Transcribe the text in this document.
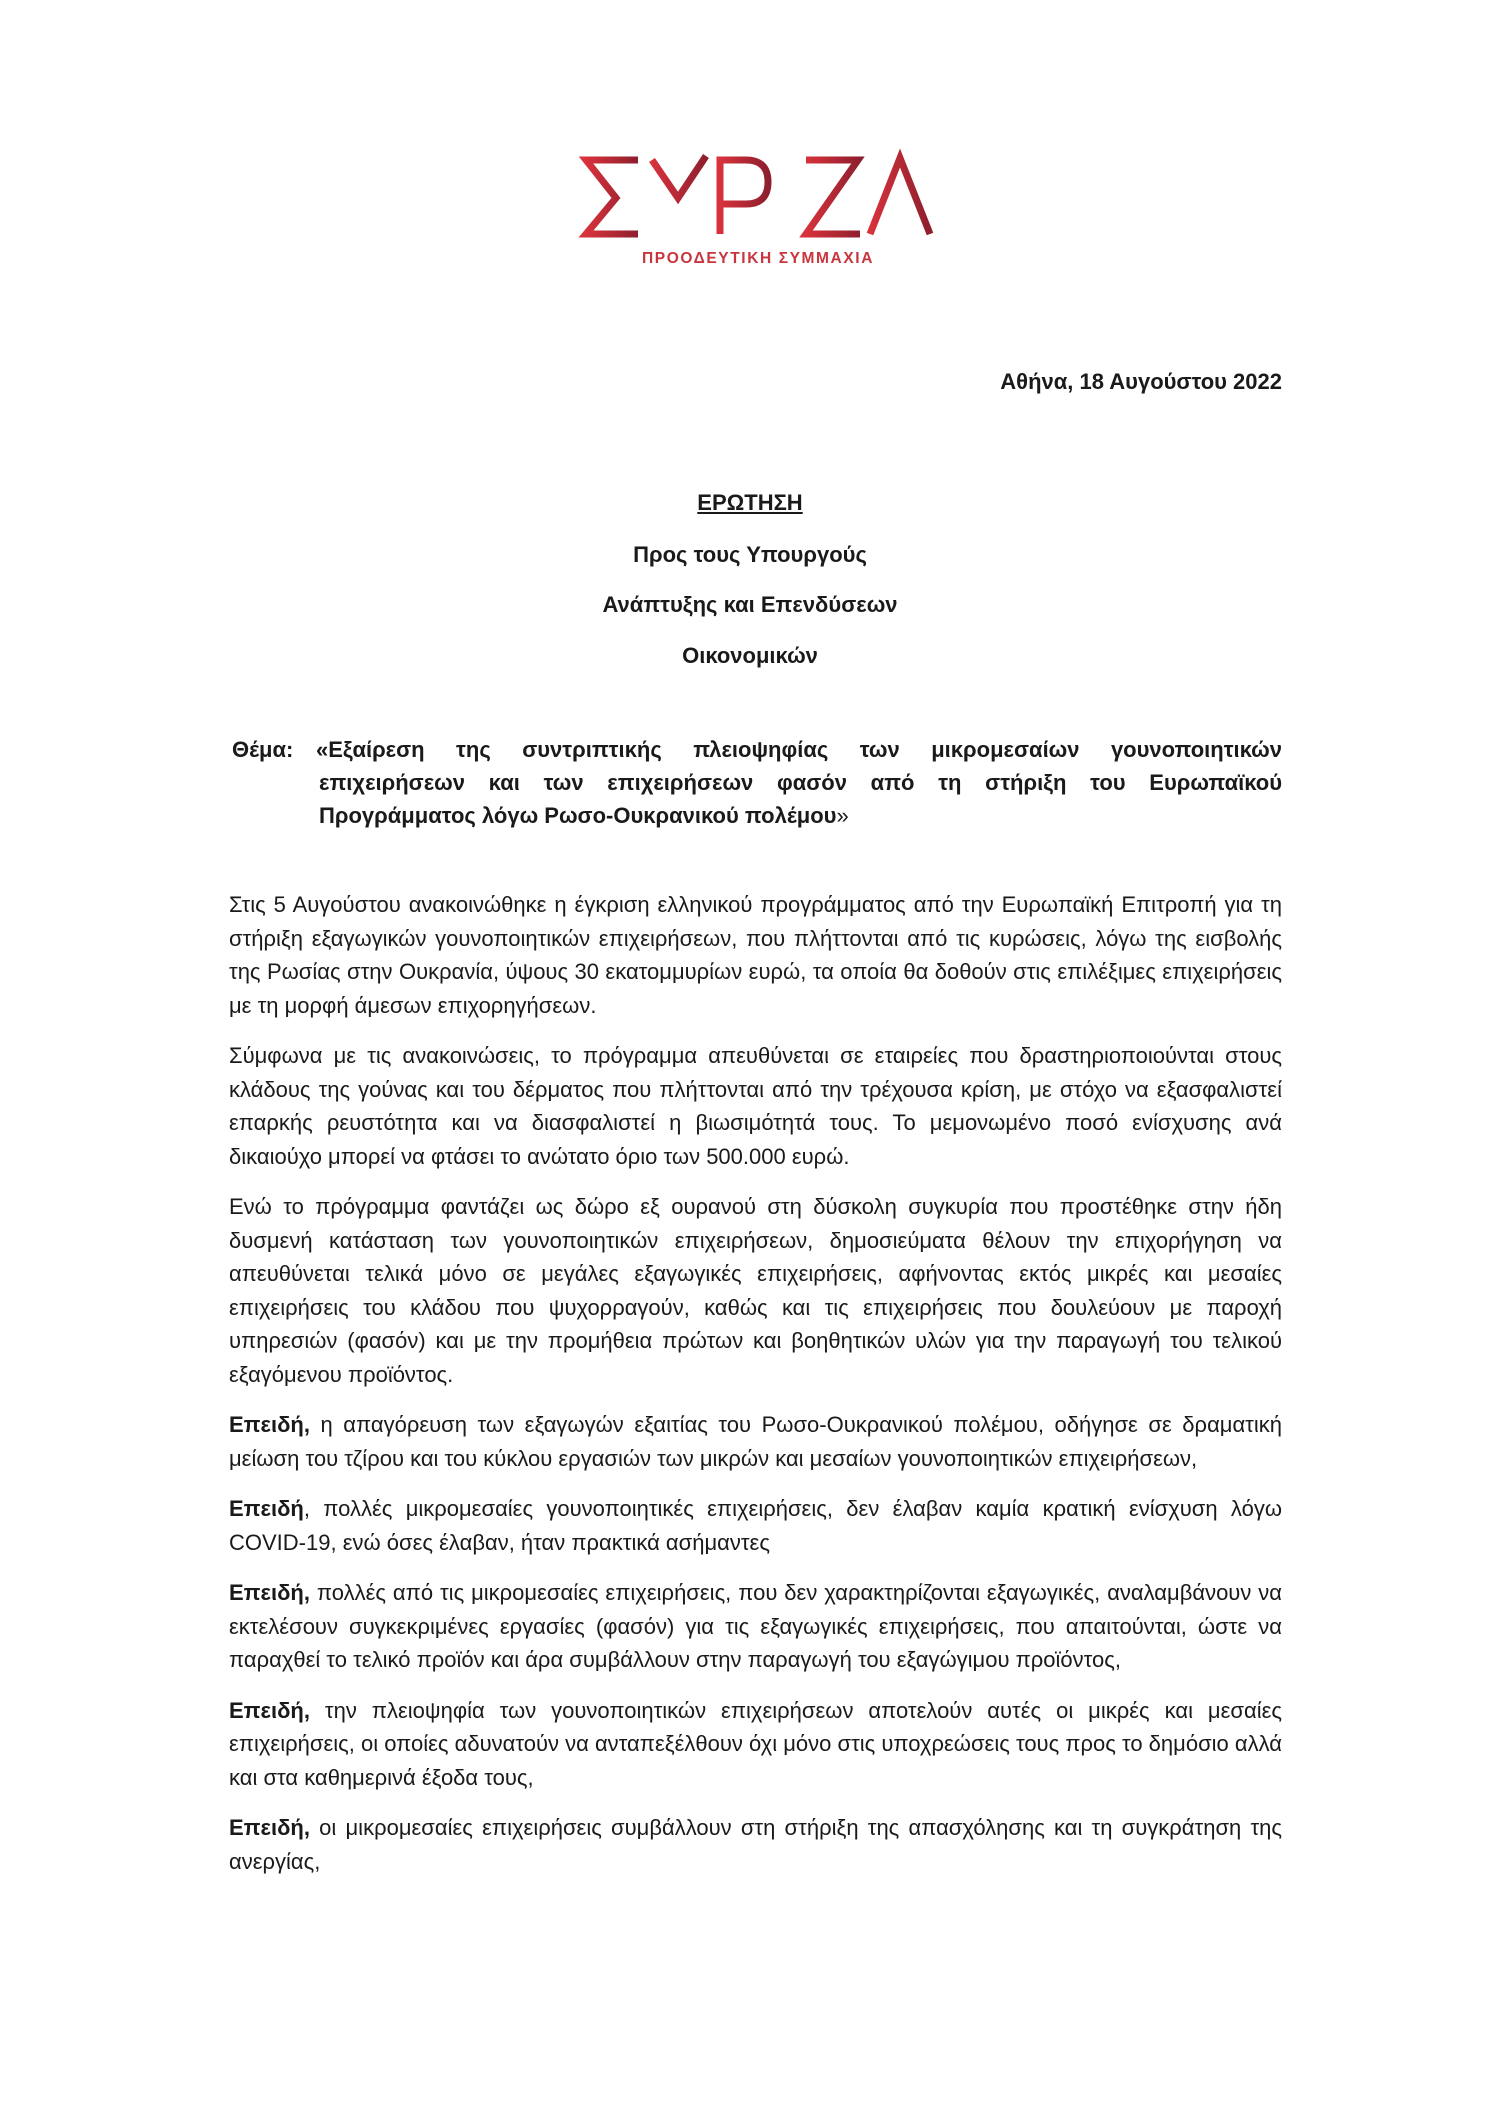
ΠΡΟΟΔΕΥΤΙΚΗ ΣΥΜΜΑΧΙΑ
Αθήνα, 18 Αυγούστου 2022
ΕΡΩΤΗΣΗ
Προς τους Υπουργούς
Ανάπτυξης και Επενδύσεων
Οικονομικών
Θέμα: «Εξαίρεση της συντριπτικής πλειοψηφίας των μικρομεσαίων γουνοποιητικών επιχειρήσεων και των επιχειρήσεων φασόν από τη στήριξη του Ευρωπαϊκού Προγράμματος λόγω Ρωσο-Ουκρανικού πολέμου»

Στις 5 Αυγούστου ανακοινώθηκε η έγκριση ελληνικού προγράμματος από την Ευρωπαϊκή Επιτροπή για τη στήριξη εξαγωγικών γουνοποιητικών επιχειρήσεων, που πλήττονται από τις κυρώσεις, λόγω της εισβολής της Ρωσίας στην Ουκρανία, ύψους 30 εκατομμυρίων ευρώ, τα οποία θα δοθούν στις επιλέξιμες επιχειρήσεις με τη μορφή άμεσων επιχορηγήσεων.

Σύμφωνα με τις ανακοινώσεις, το πρόγραμμα απευθύνεται σε εταιρείες που δραστηριοποιούνται στους κλάδους της γούνας και του δέρματος που πλήττονται από την τρέχουσα κρίση, με στόχο να εξασφαλιστεί επαρκής ρευστότητα και να διασφαλιστεί η βιωσιμότητά τους. Το μεμονωμένο ποσό ενίσχυσης ανά δικαιούχο μπορεί να φτάσει το ανώτατο όριο των 500.000 ευρώ.

Ενώ το πρόγραμμα φαντάζει ως δώρο εξ ουρανού στη δύσκολη συγκυρία που προστέθηκε στην ήδη δυσμενή κατάσταση των γουνοποιητικών επιχειρήσεων, δημοσιεύματα θέλουν την επιχορήγηση να απευθύνεται τελικά μόνο σε μεγάλες εξαγωγικές επιχειρήσεις, αφήνοντας εκτός μικρές και μεσαίες επιχειρήσεις του κλάδου που ψυχορραγούν, καθώς και τις επιχειρήσεις που δουλεύουν με παροχή υπηρεσιών (φασόν) και με την προμήθεια πρώτων και βοηθητικών υλών για την παραγωγή του τελικού εξαγόμενου προϊόντος.

Επειδή, η απαγόρευση των εξαγωγών εξαιτίας του Ρωσο-Ουκρανικού πολέμου, οδήγησε σε δραματική μείωση του τζίρου και του κύκλου εργασιών των μικρών και μεσαίων γουνοποιητικών επιχειρήσεων,

Επειδή, πολλές μικρομεσαίες γουνοποιητικές επιχειρήσεις, δεν έλαβαν καμία κρατική ενίσχυση λόγω COVID-19, ενώ όσες έλαβαν, ήταν πρακτικά ασήμαντες

Επειδή, πολλές από τις μικρομεσαίες επιχειρήσεις, που δεν χαρακτηρίζονται εξαγωγικές, αναλαμβάνουν να εκτελέσουν συγκεκριμένες εργασίες (φασόν) για τις εξαγωγικές επιχειρήσεις, που απαιτούνται, ώστε να παραχθεί το τελικό προϊόν και άρα συμβάλλουν στην παραγωγή του εξαγώγιμου προϊόντος,

Επειδή, την πλειοψηφία των γουνοποιητικών επιχειρήσεων αποτελούν αυτές οι μικρές και μεσαίες επιχειρήσεις, οι οποίες αδυνατούν να ανταπεξέλθουν όχι μόνο στις υποχρεώσεις τους προς το δημόσιο αλλά και στα καθημερινά έξοδα τους,

Επειδή, οι μικρομεσαίες επιχειρήσεις συμβάλλουν στη στήριξη της απασχόλησης και τη συγκράτηση της ανεργίας,
